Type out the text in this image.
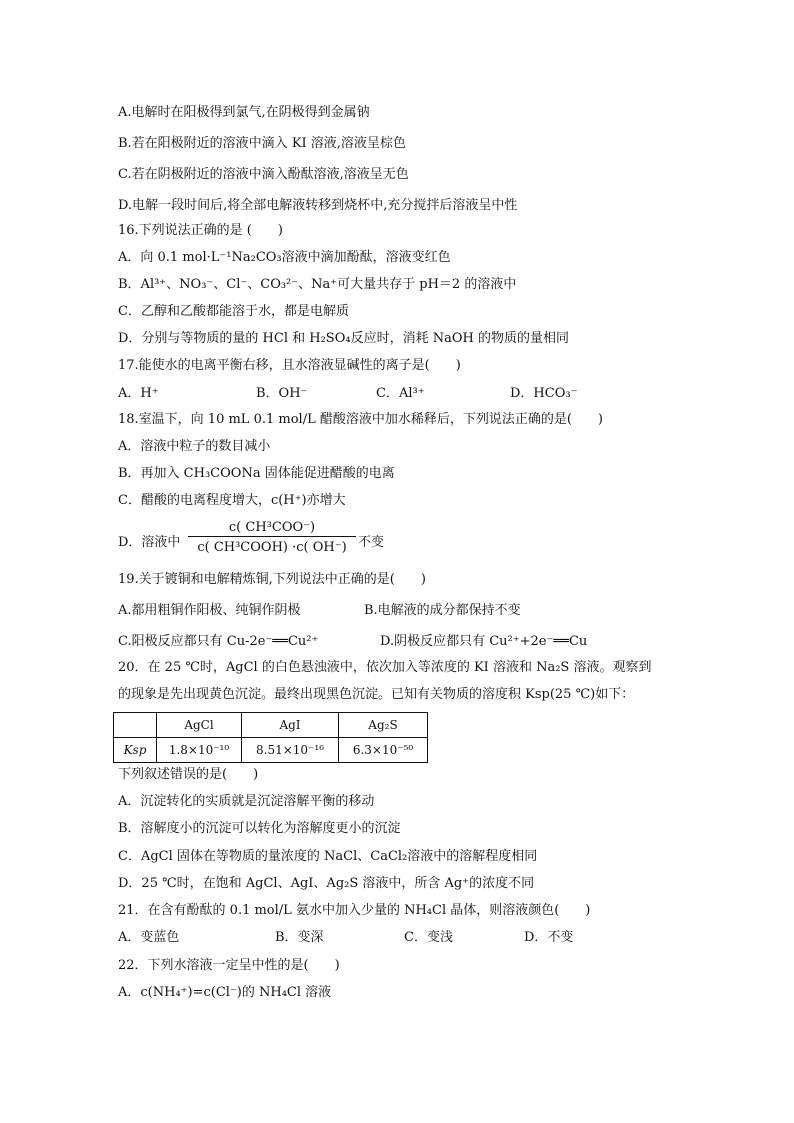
A.电解时在阳极得到氯气,在阴极得到金属钠
B.若在阳极附近的溶液中滴入 KI 溶液,溶液呈棕色
C.若在阴极附近的溶液中滴入酚酞溶液,溶液呈无色
D.电解一段时间后,将全部电解液转移到烧杯中,充分搅拌后溶液呈中性
16.下列说法正确的是 (　　)
A．向 0.1 mol·L⁻¹Na₂CO₃溶液中滴加酚酞，溶液变红色
B．Al³⁺、NO₃⁻、Cl⁻、CO₃²⁻、Na⁺可大量共存于 pH＝2 的溶液中
C．乙醇和乙酸都能溶于水，都是电解质
D．分别与等物质的量的 HCl 和 H₂SO₄反应时，消耗 NaOH 的物质的量相同
17.能使水的电离平衡右移，且水溶液显碱性的离子是(　　)
A．H⁺	B．OH⁻	C．Al³⁺	D．HCO₃⁻
18.室温下，向 10 mL 0.1 mol/L 醋酸溶液中加水稀释后，下列说法正确的是(　　)
A．溶液中粒子的数目减小
B．再加入 CH₃COONa 固体能促进醋酸的电离
C．醋酸的电离程度增大，c(H⁺)亦增大
D．溶液中
c( CH³COO⁻)
c( CH³COOH) ·c( OH⁻) 不变
19.关于镀铜和电解精炼铜,下列说法中正确的是(　　)
A.都用粗铜作阳极、纯铜作阴极	B.电解液的成分都保持不变
C.阳极反应都只有 Cu-2e⁻══Cu²⁺	D.阴极反应都只有 Cu²⁺+2e⁻══Cu
20．在 25 ℃时，AgCl 的白色悬浊液中，依次加入等浓度的 KI 溶液和 Na₂S 溶液。观察到
的现象是先出现黄色沉淀。最终出现黑色沉淀。已知有关物质的溶度积 Ksp(25 ℃)如下：
	AgCl	AgI	Ag₂S
Ksp	1.8×10⁻¹⁰	8.51×10⁻¹⁶	6.3×10⁻⁵⁰
下列叙述错误的是(　　)
A．沉淀转化的实质就是沉淀溶解平衡的移动
B．溶解度小的沉淀可以转化为溶解度更小的沉淀
C．AgCl 固体在等物质的量浓度的 NaCl、CaCl₂溶液中的溶解程度相同
D．25 ℃时，在饱和 AgCl、AgI、Ag₂S 溶液中，所含 Ag⁺的浓度不同
21．在含有酚酞的 0.1 mol/L 氨水中加入少量的 NH₄Cl 晶体，则溶液颜色(　　)
A．变蓝色	B．变深	C．变浅	D．不变
22．下列水溶液一定呈中性的是(　　)
A．c(NH₄⁺)=c(Cl⁻)的 NH₄Cl 溶液
